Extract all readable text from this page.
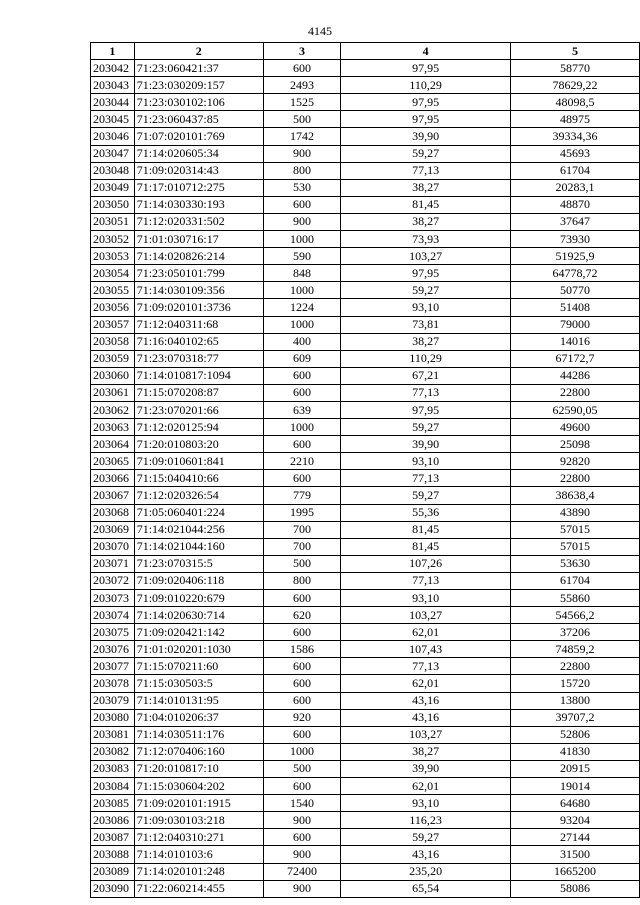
4145
1	2	3	4	5
203042	71:23:060421:37	600	97,95	58770
203043	71:23:030209:157	2493	110,29	78629,22
203044	71:23:030102:106	1525	97,95	48098,5
203045	71:23:060437:85	500	97,95	48975
203046	71:07:020101:769	1742	39,90	39334,36
203047	71:14:020605:34	900	59,27	45693
203048	71:09:020314:43	800	77,13	61704
203049	71:17:010712:275	530	38,27	20283,1
203050	71:14:030330:193	600	81,45	48870
203051	71:12:020331:502	900	38,27	37647
203052	71:01:030716:17	1000	73,93	73930
203053	71:14:020826:214	590	103,27	51925,9
203054	71:23:050101:799	848	97,95	64778,72
203055	71:14:030109:356	1000	59,27	50770
203056	71:09:020101:3736	1224	93,10	51408
203057	71:12:040311:68	1000	73,81	79000
203058	71:16:040102:65	400	38,27	14016
203059	71:23:070318:77	609	110,29	67172,7
203060	71:14:010817:1094	600	67,21	44286
203061	71:15:070208:87	600	77,13	22800
203062	71:23:070201:66	639	97,95	62590,05
203063	71:12:020125:94	1000	59,27	49600
203064	71:20:010803:20	600	39,90	25098
203065	71:09:010601:841	2210	93,10	92820
203066	71:15:040410:66	600	77,13	22800
203067	71:12:020326:54	779	59,27	38638,4
203068	71:05:060401:224	1995	55,36	43890
203069	71:14:021044:256	700	81,45	57015
203070	71:14:021044:160	700	81,45	57015
203071	71:23:070315:5	500	107,26	53630
203072	71:09:020406:118	800	77,13	61704
203073	71:09:010220:679	600	93,10	55860
203074	71:14:020630:714	620	103,27	54566,2
203075	71:09:020421:142	600	62,01	37206
203076	71:01:020201:1030	1586	107,43	74859,2
203077	71:15:070211:60	600	77,13	22800
203078	71:15:030503:5	600	62,01	15720
203079	71:14:010131:95	600	43,16	13800
203080	71:04:010206:37	920	43,16	39707,2
203081	71:14:030511:176	600	103,27	52806
203082	71:12:070406:160	1000	38,27	41830
203083	71:20:010817:10	500	39,90	20915
203084	71:15:030604:202	600	62,01	19014
203085	71:09:020101:1915	1540	93,10	64680
203086	71:09:030103:218	900	116,23	93204
203087	71:12:040310:271	600	59,27	27144
203088	71:14:010103:6	900	43,16	31500
203089	71:14:020101:248	72400	235,20	1665200
203090	71:22:060214:455	900	65,54	58086
